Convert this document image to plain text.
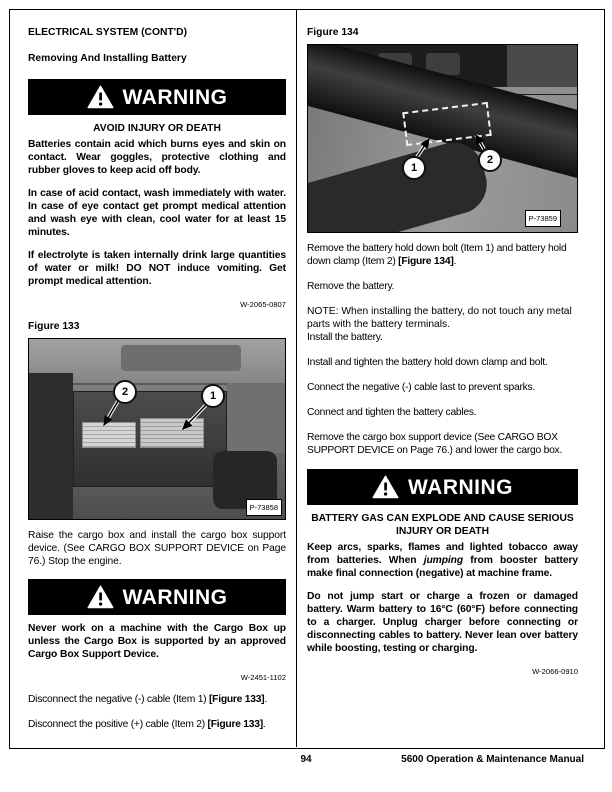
ELECTRICAL SYSTEM (CONT'D)
Removing And Installing Battery
WARNING
AVOID INJURY OR DEATH

Batteries contain acid which burns eyes and skin on contact. Wear goggles, protective clothing and rubber gloves to keep acid off body.

In case of acid contact, wash immediately with water. In case of eye contact get prompt medical attention and wash eye with clean, cool water for at least 15 minutes.

If electrolyte is taken internally drink large quantities of water or milk! DO NOT induce vomiting. Get prompt medical attention.

W-2065-0807
Figure 133
2	1
P-73858

Raise the cargo box and install the cargo box support device. (See CARGO BOX SUPPORT DEVICE on Page 76.) Stop the engine.

WARNING

Never work on a machine with the Cargo Box up unless the Cargo Box is supported by an approved Cargo Box Support Device.

W-2451-1102

Disconnect the negative (-) cable (Item 1) [Figure 133].

Disconnect the positive (+) cable (Item 2) [Figure 133].

Figure 134
1
2
P-73859

Remove the battery hold down bolt (Item 1) and battery hold down clamp (Item 2) [Figure 134].

Remove the battery.

NOTE: When installing the battery, do not touch any metal parts with the battery terminals.

Install the battery.

Install and tighten the battery hold down clamp and bolt.

Connect the negative (-) cable last to prevent sparks.

Connect and tighten the battery cables.

Remove the cargo box support device (See CARGO BOX SUPPORT DEVICE on Page 76.) and lower the cargo box.

WARNING
BATTERY GAS CAN EXPLODE AND CAUSE SERIOUS INJURY OR DEATH

Keep arcs, sparks, flames and lighted tobacco away from batteries. When jumping from booster battery make final connection (negative) at machine frame.

Do not jump start or charge a frozen or damaged battery. Warm battery to 16°C (60°F) before connecting to a charger. Unplug charger before connecting or disconnecting cables to battery. Never lean over battery while boosting, testing or charging.

W-2066-0910
94	5600 Operation & Maintenance Manual
